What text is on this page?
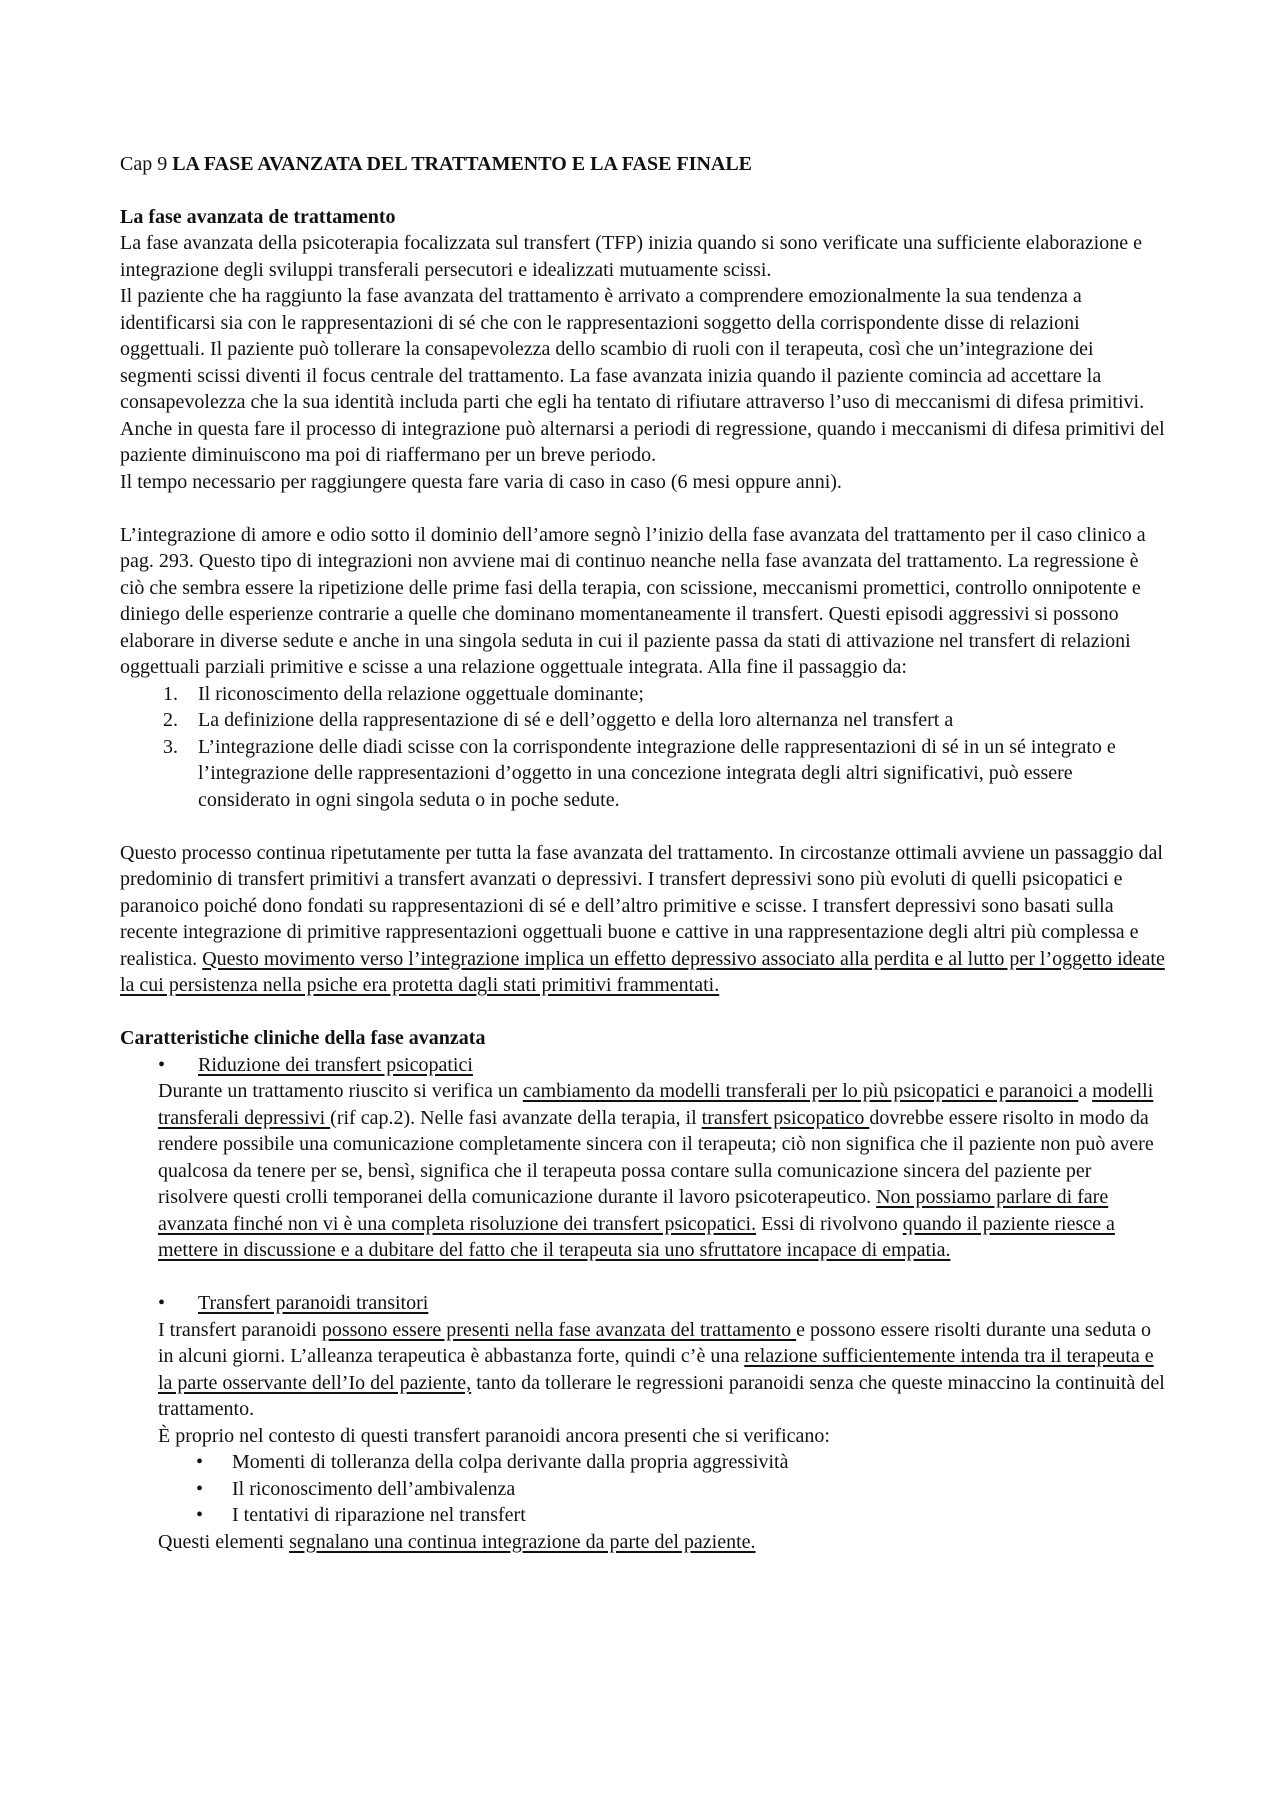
Cap 9 LA FASE AVANZATA DEL TRATTAMENTO E LA FASE FINALE

La fase avanzata de trattamento

La fase avanzata della psicoterapia focalizzata sul transfert (TFP) inizia quando si sono verificate una sufficiente elaborazione e integrazione degli sviluppi transferali persecutori e idealizzati mutuamente scissi.

Il paziente che ha raggiunto la fase avanzata del trattamento è arrivato a comprendere emozionalmente la sua tendenza a identificarsi sia con le rappresentazioni di sé che con le rappresentazioni soggetto della corrispondente disse di relazioni oggettuali. Il paziente può tollerare la consapevolezza dello scambio di ruoli con il terapeuta, così che un’integrazione dei segmenti scissi diventi il focus centrale del trattamento. La fase avanzata inizia quando il paziente comincia ad accettare la consapevolezza che la sua identità includa parti che egli ha tentato di rifiutare attraverso l’uso di meccanismi di difesa primitivi. Anche in questa fare il processo di integrazione può alternarsi a periodi di regressione, quando i meccanismi di difesa primitivi del paziente diminuiscono ma poi di riaffermano per un breve periodo.

Il tempo necessario per raggiungere questa fare varia di caso in caso (6 mesi oppure anni).

L’integrazione di amore e odio sotto il dominio dell’amore segnò l’inizio della fase avanzata del trattamento per il caso clinico a pag. 293. Questo tipo di integrazioni non avviene mai di continuo neanche nella fase avanzata del trattamento. La regressione è ciò che sembra essere la ripetizione delle prime fasi della terapia, con scissione, meccanismi promettici, controllo onnipotente e diniego delle esperienze contrarie a quelle che dominano momentaneamente il transfert. Questi episodi aggressivi si possono elaborare in diverse sedute e anche in una singola seduta in cui il paziente passa da stati di attivazione nel transfert di relazioni oggettuali parziali primitive e scisse a una relazione oggettuale integrata. Alla fine il passaggio da:

1. Il riconoscimento della relazione oggettuale dominante;
2. La definizione della rappresentazione di sé e dell’oggetto e della loro alternanza nel transfert a
3. L’integrazione delle diadi scisse con la corrispondente integrazione delle rappresentazioni di sé in un sé integrato e l’integrazione delle rappresentazioni d’oggetto in una concezione integrata degli altri significativi, può essere considerato in ogni singola seduta o in poche sedute.

Questo processo continua ripetutamente per tutta la fase avanzata del trattamento. In circostanze ottimali avviene un passaggio dal predominio di transfert primitivi a transfert avanzati o depressivi. I transfert depressivi sono più evoluti di quelli psicopatici e paranoico poiché dono fondati su rappresentazioni di sé e dell’altro primitive e scisse. I transfert depressivi sono basati sulla recente integrazione di primitive rappresentazioni oggettuali buone e cattive in una rappresentazione degli altri più complessa e realistica. Questo movimento verso l’integrazione implica un effetto depressivo associato alla perdita e al lutto per l’oggetto ideate la cui persistenza nella psiche era protetta dagli stati primitivi frammentati.

Caratteristiche cliniche della fase avanzata

• Riduzione dei transfert psicopatici

Durante un trattamento riuscito si verifica un cambiamento da modelli transferali per lo più psicopatici e paranoici a modelli transferali depressivi (rif cap.2). Nelle fasi avanzate della terapia, il transfert psicopatico dovrebbe essere risolto in modo da rendere possibile una comunicazione completamente sincera con il terapeuta; ciò non significa che il paziente non può avere qualcosa da tenere per se, bensì, significa che il terapeuta possa contare sulla comunicazione sincera del paziente per risolvere questi crolli temporanei della comunicazione durante il lavoro psicoterapeutico. Non possiamo parlare di fare avanzata finché non vi è una completa risoluzione dei transfert psicopatici. Essi di rivolvono quando il paziente riesce a mettere in discussione e a dubitare del fatto che il terapeuta sia uno sfruttatore incapace di empatia.

• Transfert paranoidi transitori

I transfert paranoidi possono essere presenti nella fase avanzata del trattamento e possono essere risolti durante una seduta o in alcuni giorni. L’alleanza terapeutica è abbastanza forte, quindi c’è una relazione sufficientemente intenda tra il terapeuta e la parte osservante dell’Io del paziente, tanto da tollerare le regressioni paranoidi senza che queste minaccino la continuità del trattamento.

È proprio nel contesto di questi transfert paranoidi ancora presenti che si verificano:

• Momenti di tolleranza della colpa derivante dalla propria aggressività
• Il riconoscimento dell’ambivalenza
• I tentativi di riparazione nel transfert

Questi elementi segnalano una continua integrazione da parte del paziente.
